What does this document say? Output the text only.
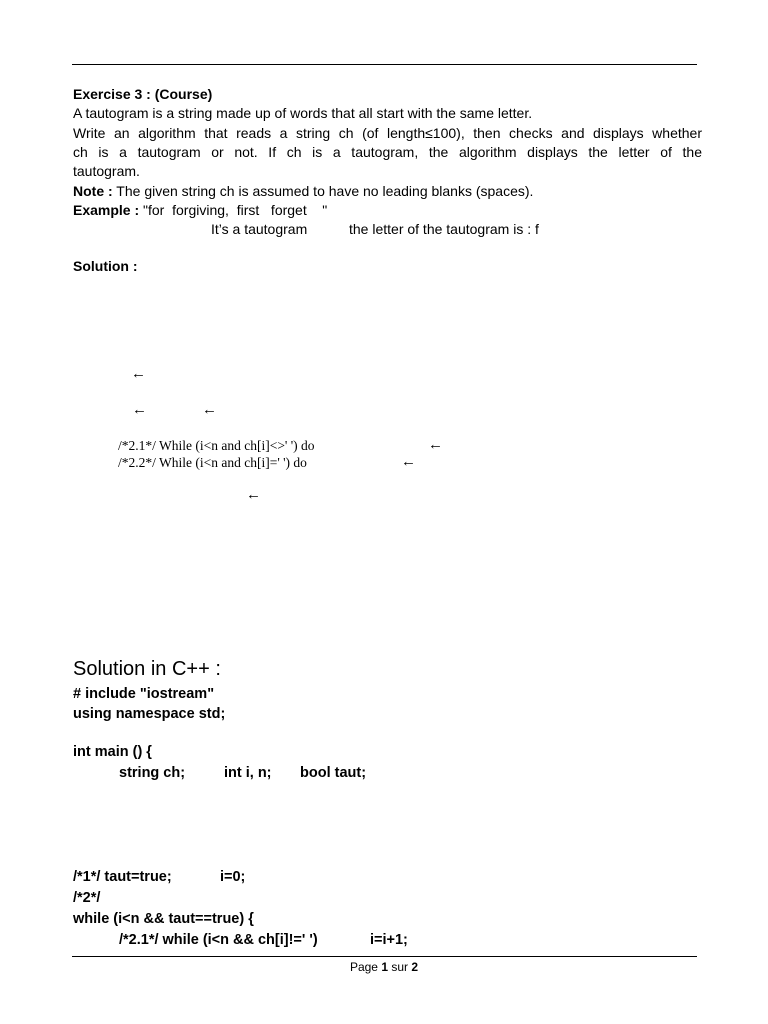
Exercise 3 : (Course)
A tautogram is a string made up of words that all start with the same letter.
Write an algorithm that reads a string ch (of length≤100), then checks and displays whether
ch is a tautogram or not. If ch is a tautogram, the algorithm displays the letter of the
tautogram.
Note : The given string ch is assumed to have no leading blanks (spaces).
Example : "for  forgiving,  first   forget    "
It’s a tautogram	the letter of the tautogram is : f
Solution :
←
←	←
/*2.1*/ While (i<n and ch[i]<>' ') do	←
/*2.2*/ While (i<n and ch[i]=' ') do	←
←
Solution in C++ :
# include "iostream"
using namespace std;
int main () {
string ch;	int i, n; bool taut;
/*1*/ taut=true;	i=0;
/*2*/
while (i<n && taut==true) {
/*2.1*/ while (i<n && ch[i]!=' ')	i=i+1;
Page 1 sur 2
